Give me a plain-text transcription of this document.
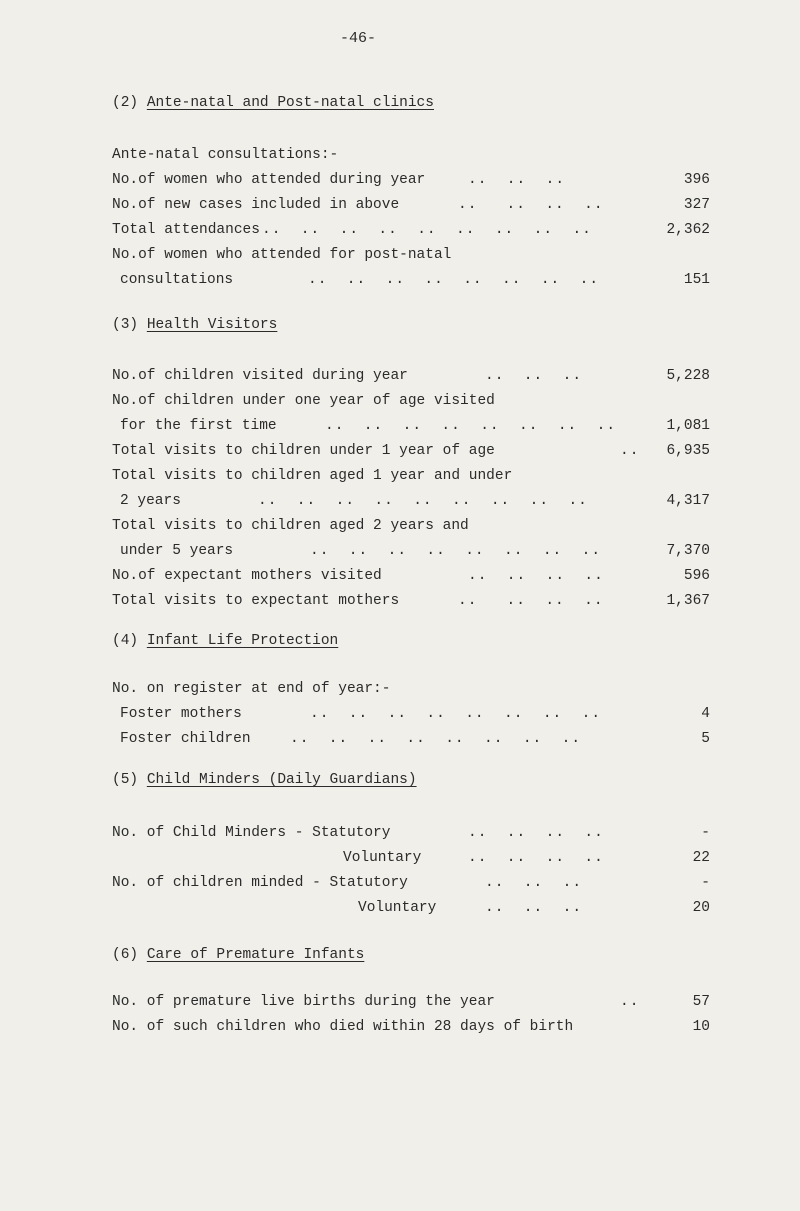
-46-
(2) Ante-natal and Post-natal clinics
Ante-natal consultations:-
No.of women who attended during year	..  ..  ..	396
No.of new cases included in above	..   ..  ..  ..	327
Total attendances ..  ..  ..  ..  ..  ..  ..  ..  ..	2,362
No.of women who attended for post-natal
consultations	..  ..  ..  ..  ..  ..  ..  ..	151
(3) Health Visitors
No.of children visited during year	..  ..  ..	5,228
No.of children under one year of age visited
for the first time	..  ..  ..  ..  ..  ..  ..  ..	1,081
Total visits to children under 1 year of age	.. 6,935
Total visits to children aged 1 year and under
2 years	..  ..  ..  ..  ..  ..  ..  ..  ..	4,317
Total visits to children aged 2 years and
under 5 years	..  ..  ..  ..  ..  ..  ..  ..	7,370
No.of expectant mothers visited	..  ..  ..  ..	596
Total visits to expectant mothers	..   ..  ..  ..	1,367
(4) Infant Life Protection
No. on register at end of year:-
Foster mothers	..  ..  ..  ..  ..  ..  ..  ..	4
Foster children	..  ..  ..  ..  ..  ..  ..  ..	5
(5) Child Minders (Daily Guardians)
No. of Child Minders - Statutory	..  ..  ..  ..	-
Voluntary	..  ..  ..  ..	22
No. of children minded - Statutory	..  ..  ..	-
Voluntary	..  ..  ..	20
(6) Care of Premature Infants
No. of premature live births during the year	..	57
No. of such children who died within 28 days of birth	10
